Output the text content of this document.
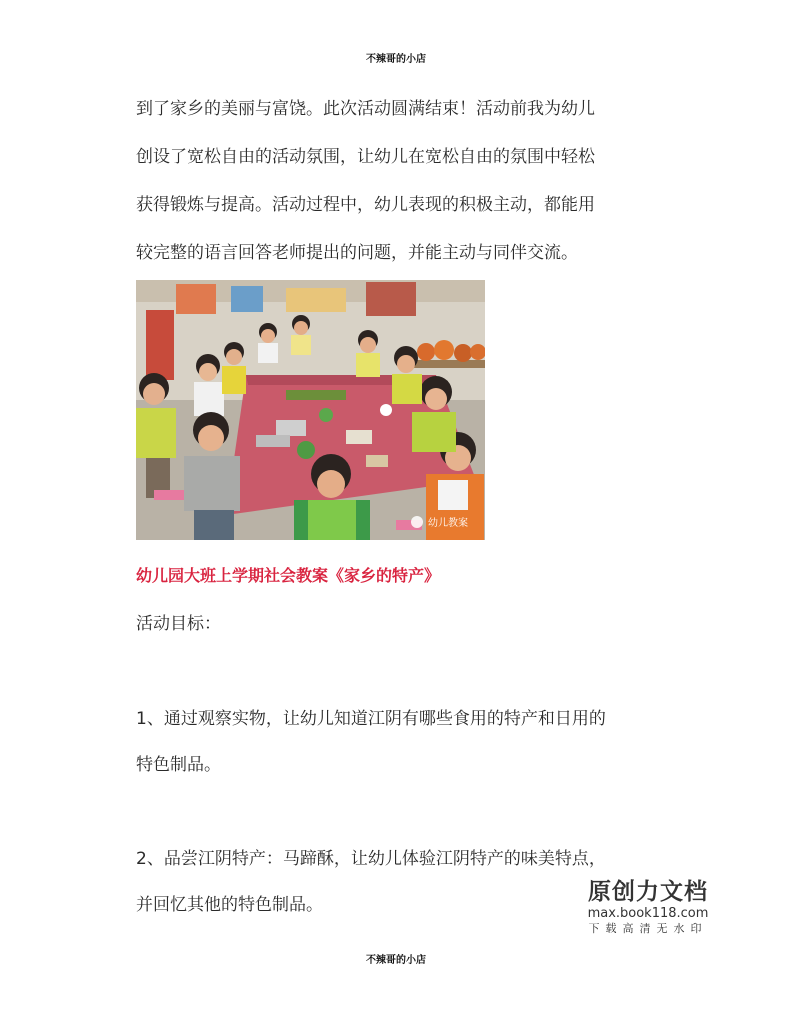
不辣哥的小店
到了家乡的美丽与富饶。此次活动圆满结束！活动前我为幼儿
创设了宽松自由的活动氛围，让幼儿在宽松自由的氛围中轻松
获得锻炼与提高。活动过程中，幼儿表现的积极主动，都能用
较完整的语言回答老师提出的问题，并能主动与同伴交流。
幼儿教案
幼儿园大班上学期社会教案《家乡的特产》
活动目标：
1、通过观察实物，让幼儿知道江阴有哪些食用的特产和日用的
特色制品。
2、品尝江阴特产：马蹄酥，让幼儿体验江阴特产的味美特点，
并回忆其他的特色制品。	原创力文档
max.book118.com
下载高清无水印
不辣哥的小店
